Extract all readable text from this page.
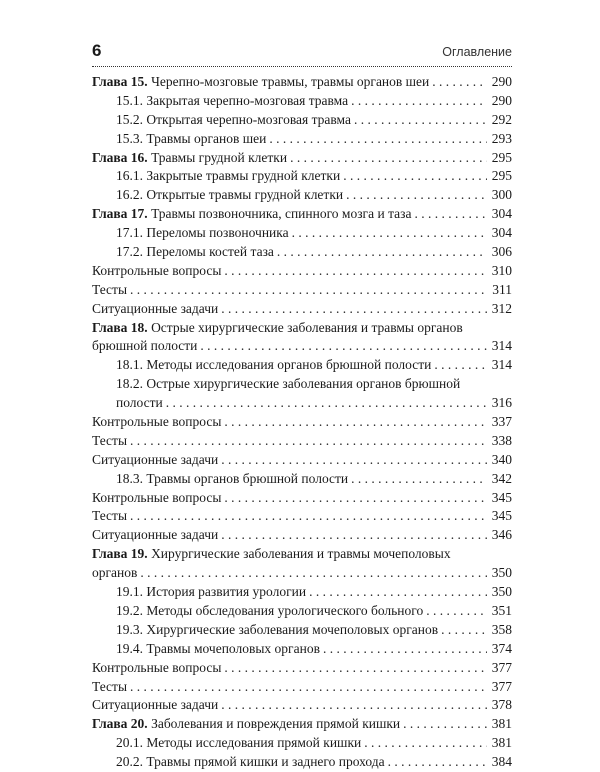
6	Оглавление
Глава 15. Черепно-мозговые травмы, травмы органов шеи . . .	290
15.1. Закрытая черепно-мозговая травма . . .	290
15.2. Открытая черепно-мозговая травма . . .	292
15.3. Травмы органов шеи . . .	293
Глава 16. Травмы грудной клетки . . .	295
16.1. Закрытые травмы грудной клетки . . .	295
16.2. Открытые травмы грудной клетки . . .	300
Глава 17. Травмы позвоночника, спинного мозга и таза . . .	304
17.1. Переломы позвоночника . . .	304
17.2. Переломы костей таза . . .	306
Контрольные вопросы . . .	310
Тесты . . .	311
Ситуационные задачи . . .	312
Глава 18. Острые хирургические заболевания и травмы органов
брюшной полости . . .	314
18.1. Методы исследования органов брюшной полости . . .	314
18.2. Острые хирургические заболевания органов брюшной
полости . . .	316
Контрольные вопросы . . .	337
Тесты . . .	338
Ситуационные задачи . . .	340
18.3. Травмы органов брюшной полости . . .	342
Контрольные вопросы . . .	345
Тесты . . .	345
Ситуационные задачи . . .	346
Глава 19. Хирургические заболевания и травмы мочеполовых
органов . . .	350
19.1. История развития урологии . . .	350
19.2. Методы обследования урологического больного . . .	351
19.3. Хирургические заболевания мочеполовых органов . . .	358
19.4. Травмы мочеполовых органов . . .	374
Контрольные вопросы . . .	377
Тесты . . .	377
Ситуационные задачи . . .	378
Глава 20. Заболевания и повреждения прямой кишки . . .	381
20.1. Методы исследования прямой кишки . . .	381
20.2. Травмы прямой кишки и заднего прохода . . .	384
